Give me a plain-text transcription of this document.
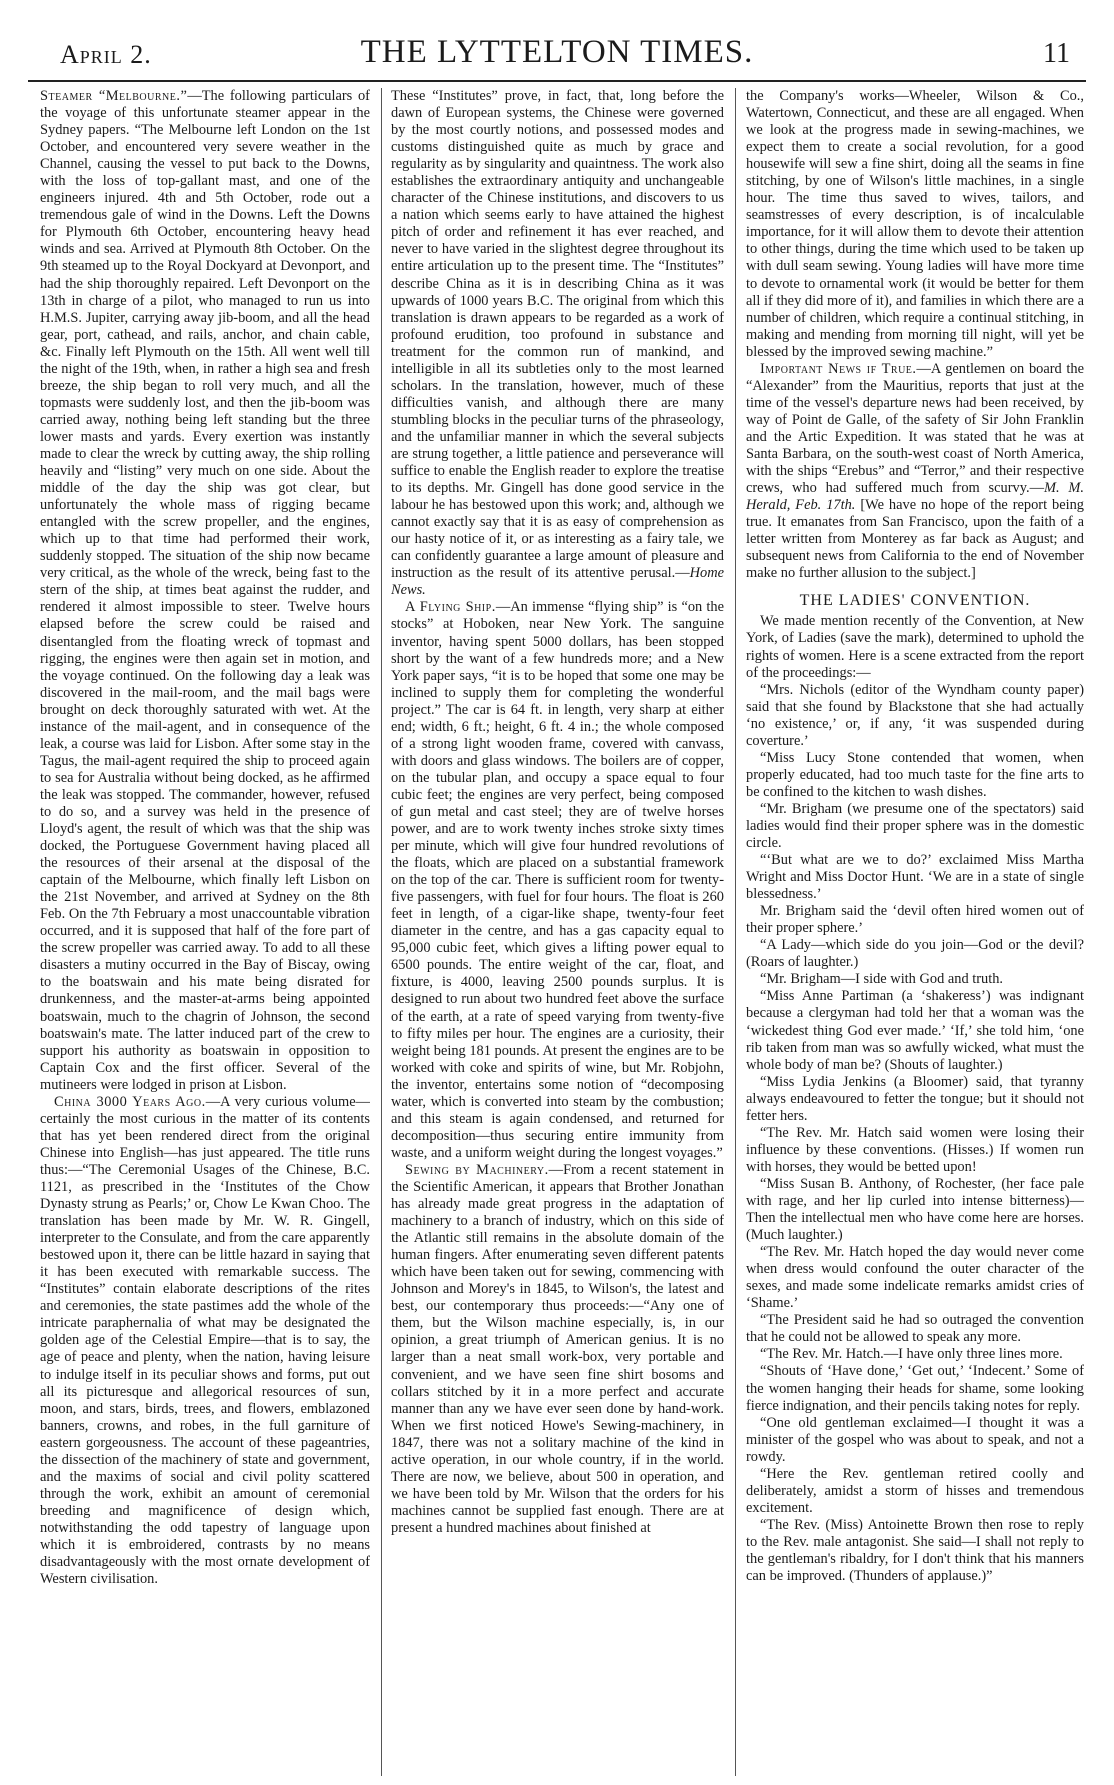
April 2.	THE LYTTELTON TIMES.	11

Steamer “Melbourne.”—The following particulars of the voyage of this unfortunate steamer appear in the Sydney papers. “The Melbourne left London on the 1st October, and encountered very severe weather in the Channel, causing the vessel to put back to the Downs, with the loss of top-gallant mast, and one of the engineers injured. 4th and 5th October, rode out a tremendous gale of wind in the Downs. Left the Downs for Plymouth 6th October, encountering heavy head winds and sea. Arrived at Plymouth 8th October. On the 9th steamed up to the Royal Dockyard at Devonport, and had the ship thoroughly repaired. Left Devonport on the 13th in charge of a pilot, who managed to run us into H.M.S. Jupiter, carrying away jib-boom, and all the head gear, port, cathead, and rails, anchor, and chain cable, &c. Finally left Plymouth on the 15th. All went well till the night of the 19th, when, in rather a high sea and fresh breeze, the ship began to roll very much, and all the topmasts were suddenly lost, and then the jib-boom was carried away, nothing being left standing but the three lower masts and yards. Every exertion was instantly made to clear the wreck by cutting away, the ship rolling heavily and “listing” very much on one side. About the middle of the day the ship was got clear, but unfortunately the whole mass of rigging became entangled with the screw propeller, and the engines, which up to that time had performed their work, suddenly stopped. The situation of the ship now became very critical, as the whole of the wreck, being fast to the stern of the ship, at times beat against the rudder, and rendered it almost impossible to steer. Twelve hours elapsed before the screw could be raised and disentangled from the floating wreck of topmast and rigging, the engines were then again set in motion, and the voyage continued. On the following day a leak was discovered in the mail-room, and the mail bags were brought on deck thoroughly saturated with wet. At the instance of the mail-agent, and in consequence of the leak, a course was laid for Lisbon. After some stay in the Tagus, the mail-agent required the ship to proceed again to sea for Australia without being docked, as he affirmed the leak was stopped. The commander, however, refused to do so, and a survey was held in the presence of Lloyd's agent, the result of which was that the ship was docked, the Portuguese Government having placed all the resources of their arsenal at the disposal of the captain of the Melbourne, which finally left Lisbon on the 21st November, and arrived at Sydney on the 8th Feb. On the 7th February a most unaccountable vibration occurred, and it is supposed that half of the fore part of the screw propeller was carried away. To add to all these disasters a mutiny occurred in the Bay of Biscay, owing to the boatswain and his mate being disrated for drunkenness, and the master-at-arms being appointed boatswain, much to the chagrin of Johnson, the second boatswain's mate. The latter induced part of the crew to support his authority as boatswain in opposition to Captain Cox and the first officer. Several of the mutineers were lodged in prison at Lisbon.

China 3000 Years Ago.—A very curious volume—certainly the most curious in the matter of its contents that has yet been rendered direct from the original Chinese into English—has just appeared. The title runs thus:—“The Ceremonial Usages of the Chinese, B.C. 1121, as prescribed in the ‘Institutes of the Chow Dynasty strung as Pearls;’ or, Chow Le Kwan Choo. The translation has been made by Mr. W. R. Gingell, interpreter to the Consulate, and from the care apparently bestowed upon it, there can be little hazard in saying that it has been executed with remarkable success. The “Institutes” contain elaborate descriptions of the rites and ceremonies, the state pastimes add the whole of the intricate paraphernalia of what may be designated the golden age of the Celestial Empire—that is to say, the age of peace and plenty, when the nation, having leisure to indulge itself in its peculiar shows and forms, put out all its picturesque and allegorical resources of sun, moon, and stars, birds, trees, and flowers, emblazoned banners, crowns, and robes, in the full garniture of eastern gorgeousness. The account of these pageantries, the dissection of the machinery of state and government, and the maxims of social and civil polity scattered through the work, exhibit an amount of ceremonial breeding and magnificence of design which, notwithstanding the odd tapestry of language upon which it is embroidered, contrasts by no means disadvantageously with the most ornate development of Western civilisation.

These “Institutes” prove, in fact, that, long before the dawn of European systems, the Chinese were governed by the most courtly notions, and possessed modes and customs distinguished quite as much by grace and regularity as by singularity and quaintness. The work also establishes the extraordinary antiquity and unchangeable character of the Chinese institutions, and discovers to us a nation which seems early to have attained the highest pitch of order and refinement it has ever reached, and never to have varied in the slightest degree throughout its entire articulation up to the present time. The “Institutes” describe China as it is in describing China as it was upwards of 1000 years B.C. The original from which this translation is drawn appears to be regarded as a work of profound erudition, too profound in substance and treatment for the common run of mankind, and intelligible in all its subtleties only to the most learned scholars. In the translation, however, much of these difficulties vanish, and although there are many stumbling blocks in the peculiar turns of the phraseology, and the unfamiliar manner in which the several subjects are strung together, a little patience and perseverance will suffice to enable the English reader to explore the treatise to its depths. Mr. Gingell has done good service in the labour he has bestowed upon this work; and, although we cannot exactly say that it is as easy of comprehension as our hasty notice of it, or as interesting as a fairy tale, we can confidently guarantee a large amount of pleasure and instruction as the result of its attentive perusal.—Home News.

A Flying Ship.—An immense “flying ship” is “on the stocks” at Hoboken, near New York. The sanguine inventor, having spent 5000 dollars, has been stopped short by the want of a few hundreds more; and a New York paper says, “it is to be hoped that some one may be inclined to supply them for completing the wonderful project.” The car is 64 ft. in length, very sharp at either end; width, 6 ft.; height, 6 ft. 4 in.; the whole composed of a strong light wooden frame, covered with canvass, with doors and glass windows. The boilers are of copper, on the tubular plan, and occupy a space equal to four cubic feet; the engines are very perfect, being composed of gun metal and cast steel; they are of twelve horses power, and are to work twenty inches stroke sixty times per minute, which will give four hundred revolutions of the floats, which are placed on a substantial framework on the top of the car. There is sufficient room for twenty-five passengers, with fuel for four hours. The float is 260 feet in length, of a cigar-like shape, twenty-four feet diameter in the centre, and has a gas capacity equal to 95,000 cubic feet, which gives a lifting power equal to 6500 pounds. The entire weight of the car, float, and fixture, is 4000, leaving 2500 pounds surplus. It is designed to run about two hundred feet above the surface of the earth, at a rate of speed varying from twenty-five to fifty miles per hour. The engines are a curiosity, their weight being 181 pounds. At present the engines are to be worked with coke and spirits of wine, but Mr. Robjohn, the inventor, entertains some notion of “decomposing water, which is converted into steam by the combustion; and this steam is again condensed, and returned for decomposition—thus securing entire immunity from waste, and a uniform weight during the longest voyages.”

Sewing by Machinery.—From a recent statement in the Scientific American, it appears that Brother Jonathan has already made great progress in the adaptation of machinery to a branch of industry, which on this side of the Atlantic still remains in the absolute domain of the human fingers. After enumerating seven different patents which have been taken out for sewing, commencing with Johnson and Morey's in 1845, to Wilson's, the latest and best, our contemporary thus proceeds:—“Any one of them, but the Wilson machine especially, is, in our opinion, a great triumph of American genius. It is no larger than a neat small work-box, very portable and convenient, and we have seen fine shirt bosoms and collars stitched by it in a more perfect and accurate manner than any we have ever seen done by hand-work. When we first noticed Howe's Sewing-machinery, in 1847, there was not a solitary machine of the kind in active operation, in our whole country, if in the world. There are now, we believe, about 500 in operation, and we have been told by Mr. Wilson that the orders for his machines cannot be supplied fast enough. There are at present a hundred machines about finished at

the Company's works—Wheeler, Wilson & Co., Watertown, Connecticut, and these are all engaged. When we look at the progress made in sewing-machines, we expect them to create a social revolution, for a good housewife will sew a fine shirt, doing all the seams in fine stitching, by one of Wilson's little machines, in a single hour. The time thus saved to wives, tailors, and seamstresses of every description, is of incalculable importance, for it will allow them to devote their attention to other things, during the time which used to be taken up with dull seam sewing. Young ladies will have more time to devote to ornamental work (it would be better for them all if they did more of it), and families in which there are a number of children, which require a continual stitching, in making and mending from morning till night, will yet be blessed by the improved sewing machine.”

Important News if True.—A gentlemen on board the “Alexander” from the Mauritius, reports that just at the time of the vessel's departure news had been received, by way of Point de Galle, of the safety of Sir John Franklin and the Artic Expedition. It was stated that he was at Santa Barbara, on the south-west coast of North America, with the ships “Erebus” and “Terror,” and their respective crews, who had suffered much from scurvy.—M. M. Herald, Feb. 17th. [We have no hope of the report being true. It emanates from San Francisco, upon the faith of a letter written from Monterey as far back as August; and subsequent news from California to the end of November make no further allusion to the subject.]

THE LADIES' CONVENTION.

We made mention recently of the Convention, at New York, of Ladies (save the mark), determined to uphold the rights of women. Here is a scene extracted from the report of the proceedings:—

“Mrs. Nichols (editor of the Wyndham county paper) said that she found by Blackstone that she had actually ‘no existence,’ or, if any, ‘it was suspended during coverture.’

“Miss Lucy Stone contended that women, when properly educated, had too much taste for the fine arts to be confined to the kitchen to wash dishes.

“Mr. Brigham (we presume one of the spectators) said ladies would find their proper sphere was in the domestic circle.

“‘But what are we to do?’ exclaimed Miss Martha Wright and Miss Doctor Hunt. ‘We are in a state of single blessedness.’

Mr. Brigham said the ‘devil often hired women out of their proper sphere.’

“A Lady—which side do you join—God or the devil? (Roars of laughter.)

“Mr. Brigham—I side with God and truth.

“Miss Anne Partiman (a ‘shakeress’) was indignant because a clergyman had told her that a woman was the ‘wickedest thing God ever made.’ ‘If,’ she told him, ‘one rib taken from man was so awfully wicked, what must the whole body of man be? (Shouts of laughter.)

“Miss Lydia Jenkins (a Bloomer) said, that tyranny always endeavoured to fetter the tongue; but it should not fetter hers.

“The Rev. Mr. Hatch said women were losing their influence by these conventions. (Hisses.) If women run with horses, they would be betted upon!

“Miss Susan B. Anthony, of Rochester, (her face pale with rage, and her lip curled into intense bitterness)—Then the intellectual men who have come here are horses. (Much laughter.)

“The Rev. Mr. Hatch hoped the day would never come when dress would confound the outer character of the sexes, and made some indelicate remarks amidst cries of ‘Shame.’

“The President said he had so outraged the convention that he could not be allowed to speak any more.

“The Rev. Mr. Hatch.—I have only three lines more.

“Shouts of ‘Have done,’ ‘Get out,’ ‘Indecent.’ Some of the women hanging their heads for shame, some looking fierce indignation, and their pencils taking notes for reply.

“One old gentleman exclaimed—I thought it was a minister of the gospel who was about to speak, and not a rowdy.

“Here the Rev. gentleman retired coolly and deliberately, amidst a storm of hisses and tremendous excitement.

“The Rev. (Miss) Antoinette Brown then rose to reply to the Rev. male antagonist. She said—I shall not reply to the gentleman's ribaldry, for I don't think that his manners can be improved. (Thunders of applause.)”
